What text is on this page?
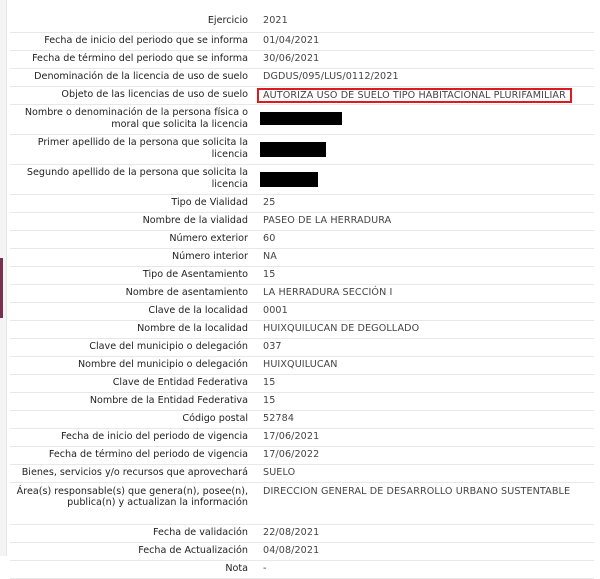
Ejercicio	2021
Fecha de inicio del periodo que se informa	01/04/2021
Fecha de término del periodo que se informa	30/06/2021
Denominación de la licencia de uso de suelo	DGDUS/095/LUS/0112/2021
Objeto de las licencias de uso de suelo	AUTORIZA USO DE SUELO TIPO HABITACIONAL PLURIFAMILIAR
Nombre o denominación de la persona física o moral que solicita la licencia	
Primer apellido de la persona que solicita la licencia	
Segundo apellido de la persona que solicita la licencia	
Tipo de Vialidad	25
Nombre de la vialidad	PASEO DE LA HERRADURA
Número exterior	60
Número interior	NA
Tipo de Asentamiento	15
Nombre de asentamiento	LA HERRADURA SECCIÓN I
Clave de la localidad	0001
Nombre de la localidad	HUIXQUILUCAN DE DEGOLLADO
Clave del municipio o delegación	037
Nombre del municipio o delegación	HUIXQUILUCAN
Clave de Entidad Federativa	15
Nombre de la Entidad Federativa	15
Código postal	52784
Fecha de inicio del periodo de vigencia	17/06/2021
Fecha de término del periodo de vigencia	17/06/2022
Bienes, servicios y/o recursos que aprovechará	SUELO
Área(s) responsable(s) que genera(n), posee(n), publica(n) y actualizan la información	DIRECCION GENERAL DE DESARROLLO URBANO SUSTENTABLE
Fecha de validación	22/08/2021
Fecha de Actualización	04/08/2021
Nota	-
